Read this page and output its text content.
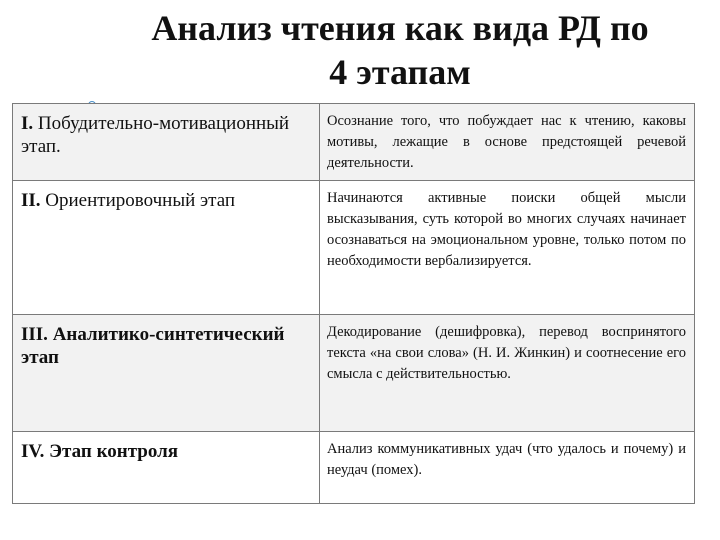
Анализ чтения как вида РД по
4 этапам
I. Побудительно-мотивационный этап.	Осознание того, что побуждает нас к чтению, каковы мотивы, лежащие в основе предстоящей речевой деятельности.

II. Ориентировочный этап	Начинаются активные поиски общей мысли высказывания, суть которой во многих случаях начинает осознаваться на эмоциональном уровне, только потом по необходимости вербализируется.

III. Аналитико-синтетический этап	Декодирование (дешифровка), перевод воспринятого текста «на свои слова» (Н. И. Жинкин) и соотнесение его смысла с действительностью.

IV. Этап контроля	Анализ коммуникативных удач (что удалось и почему) и неудач (помех).
